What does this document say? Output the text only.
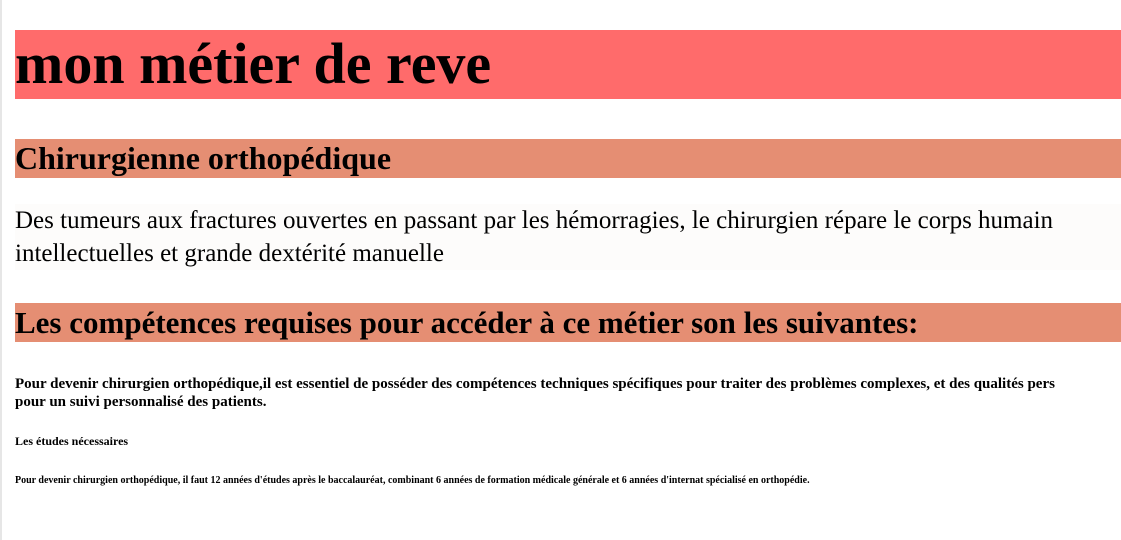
mon métier de reve
Chirurgienne orthopédique

Des tumeurs aux fractures ouvertes en passant par les hémorragies, le chirurgien répare le corps humain

intellectuelles et grande dextérité manuelle

Les compétences requises pour accéder à ce métier son les suivantes:

Pour devenir chirurgien orthopédique,il est essentiel de posséder des compétences techniques spécifiques pour traiter des problèmes complexes, et des qualités pers

pour un suivi personnalisé des patients.

Les études nécessaires
Pour devenir chirurgien orthopédique, il faut 12 années d'études après le baccalauréat, combinant 6 années de formation médicale générale et 6 années d'internat spécialisé en orthopédie.
